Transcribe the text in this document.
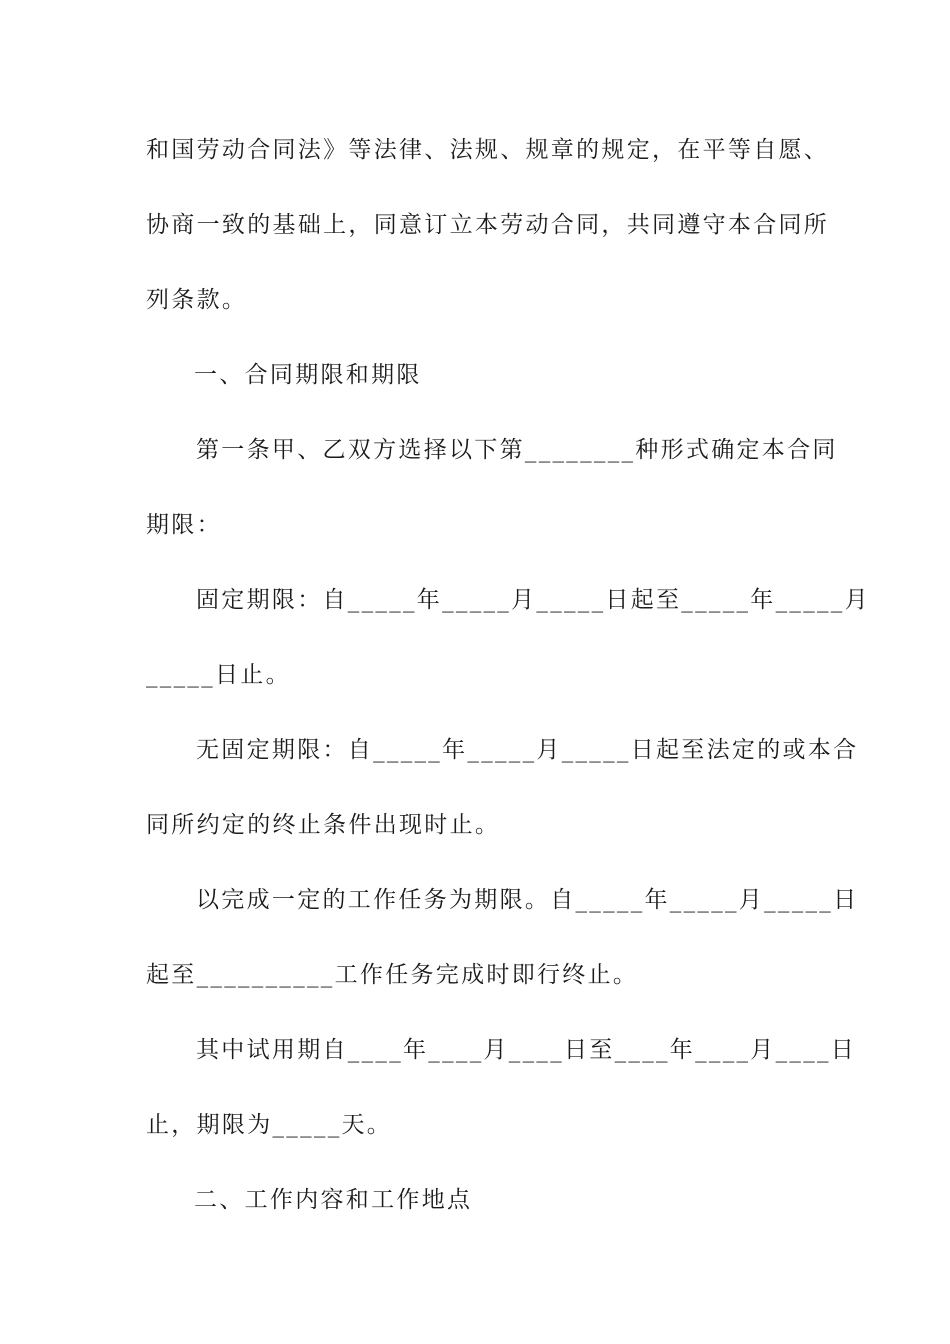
和国劳动合同法》等法律、法规、规章的规定，在平等自愿、
协商一致的基础上，同意订立本劳动合同，共同遵守本合同所
列条款。
一、合同期限和期限
第一条甲、乙双方选择以下第________种形式确定本合同
期限：
固定期限：自_____年_____月_____日起至_____年_____月
_____日止。
无固定期限：自_____年_____月_____日起至法定的或本合
同所约定的终止条件出现时止。
以完成一定的工作任务为期限。自_____年_____月_____日
起至__________工作任务完成时即行终止。
其中试用期自____年____月____日至____年____月____日
止，期限为_____天。
二、工作内容和工作地点
